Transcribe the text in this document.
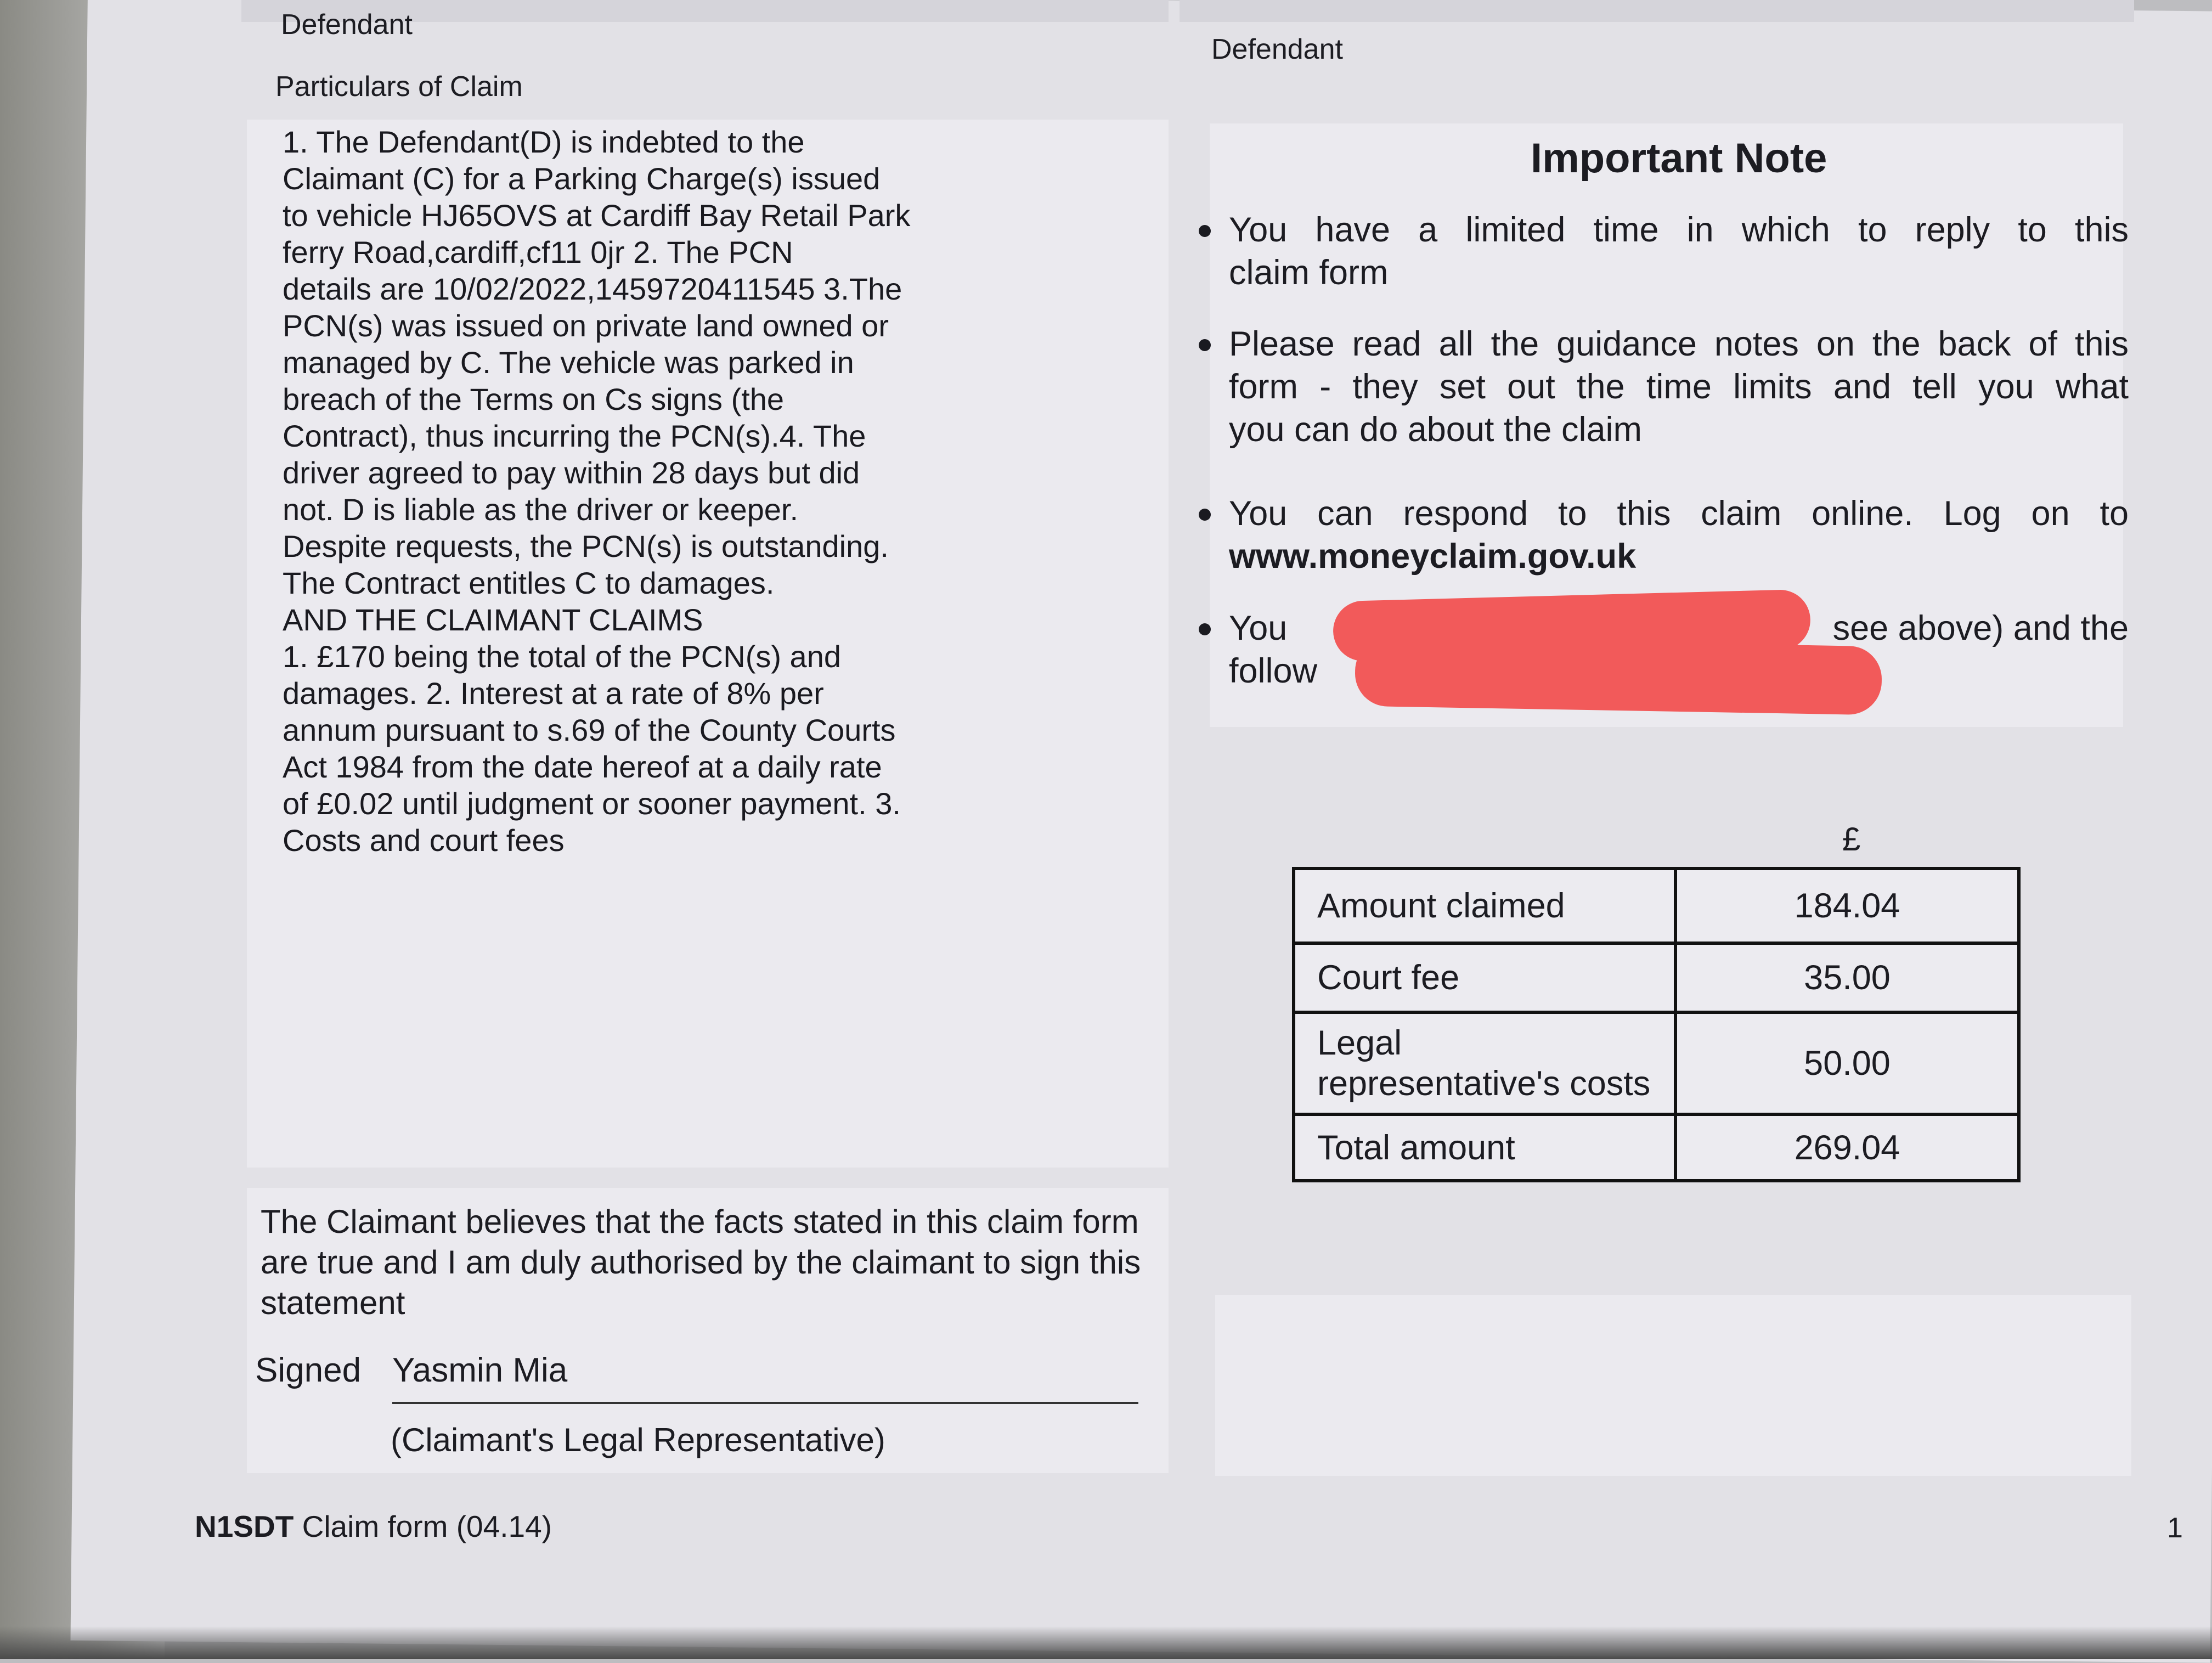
Defendant
Defendant
Particulars of Claim
1. The Defendant(D) is indebted to the
Claimant (C) for a Parking Charge(s) issued
to vehicle HJ65OVS at Cardiff Bay Retail Park
ferry Road,cardiff,cf11 0jr 2. The PCN
details are 10/02/2022,1459720411545 3.The
PCN(s) was issued on private land owned or
managed by C. The vehicle was parked in
breach of the Terms on Cs signs (the
Contract), thus incurring the PCN(s).4. The
driver agreed to pay within 28 days but did
not. D is liable as the driver or keeper.
Despite requests, the PCN(s) is outstanding.
The Contract entitles C to damages.
AND THE CLAIMANT CLAIMS
1. £170 being the total of the PCN(s) and
damages. 2. Interest at a rate of 8% per
annum pursuant to s.69 of the County Courts
Act 1984 from the date hereof at a daily rate
of £0.02 until judgment or sooner payment. 3.
Costs and court fees
Important Note
You have a limited time in which to reply to this
claim form
Please read all the guidance notes on the back of this
form - they set out the time limits and tell you what
you can do about the claim
You can respond to this claim online. Log on to
www.moneyclaim.gov.uk
You	see above) and the
follow
£
Amount claimed	184.04
Court fee	35.00
Legal representative's costs	50.00
Total amount	269.04
The Claimant believes that the facts stated in this claim form
are true and I am duly authorised by the claimant to sign this
statement
Signed Yasmin Mia
(Claimant's Legal Representative)
N1SDT Claim form (04.14)	1
